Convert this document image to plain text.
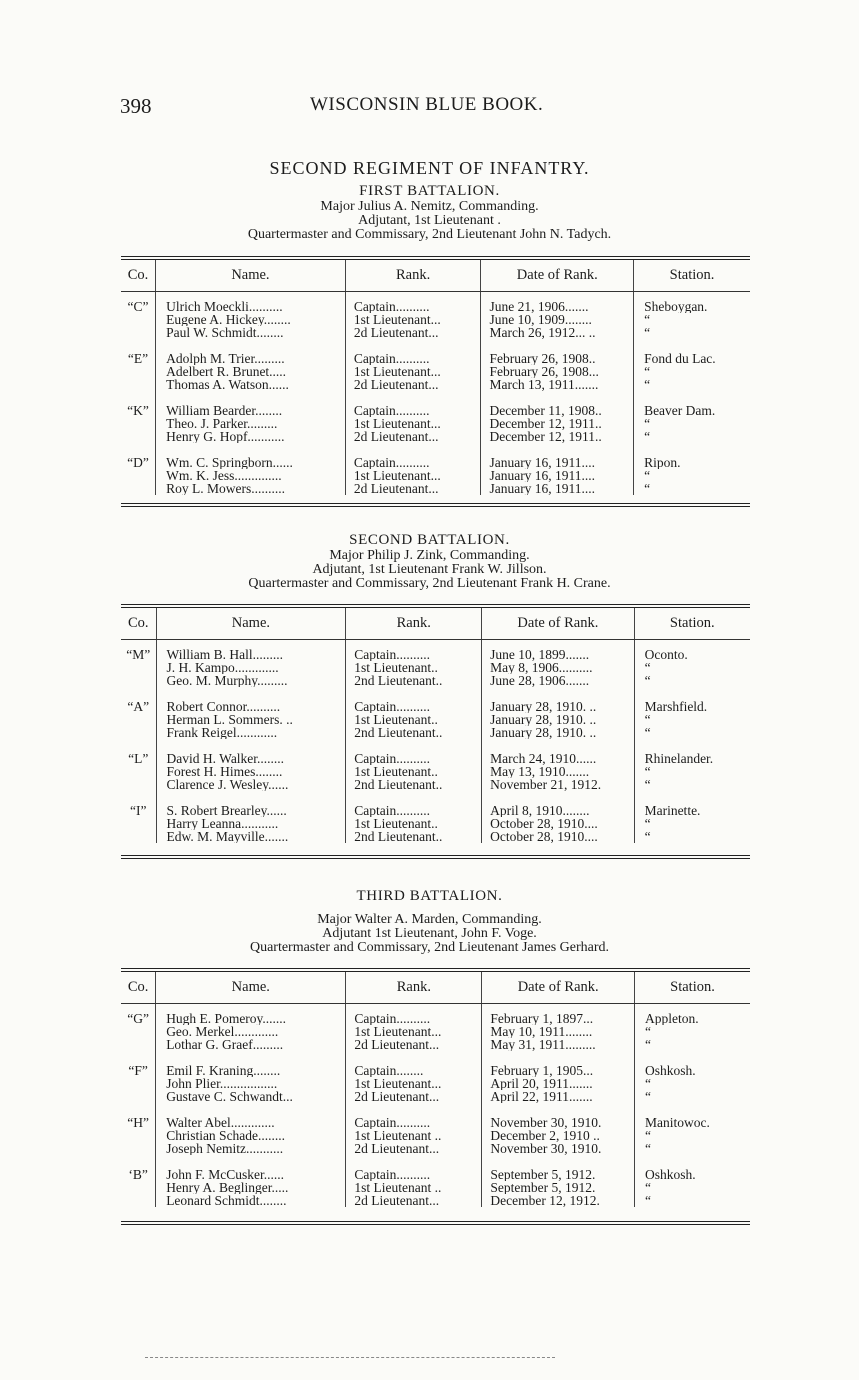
398	WISCONSIN BLUE BOOK.
SECOND REGIMENT OF INFANTRY.
FIRST BATTALION.
Major Julius A. Nemitz, Commanding.
Adjutant, 1st Lieutenant .
Quartermaster and Commissary, 2nd Lieutenant John N. Tadych.
Co.	Name.	Rank.	Date of Rank.	Station.
“C”	Ulrich Moeckli..........	Captain..........	June 21, 1906.......	Sheboygan.
	Eugene A. Hickey........	1st Lieutenant...	June 10, 1909........	“
	Paul W. Schmidt........	2d Lieutenant...	March 26, 1912... ..	“

“E”	Adolph M. Trier.........	Captain..........	February 26, 1908..	Fond du Lac.
	Adelbert R. Brunet.....	1st Lieutenant...	February 26, 1908...	“
	Thomas A. Watson......	2d Lieutenant...	March 13, 1911.......	“

“K”	William Bearder........	Captain..........	December 11, 1908..	Beaver Dam.
	Theo. J. Parker.........	1st Lieutenant...	December 12, 1911..	“
	Henry G. Hopf...........	2d Lieutenant...	December 12, 1911..	“

“D”	Wm. C. Springborn......	Captain..........	January 16, 1911....	Ripon.
	Wm. K. Jess..............	1st Lieutenant...	January 16, 1911....	“
	Roy L. Mowers..........	2d Lieutenant...	January 16, 1911....	“
SECOND BATTALION.
Major Philip J. Zink, Commanding.
Adjutant, 1st Lieutenant Frank W. Jillson.
Quartermaster and Commissary, 2nd Lieutenant Frank H. Crane.
Co.	Name.	Rank.	Date of Rank.	Station.
“M”	William B. Hall.........	Captain..........	June 10, 1899.......	Oconto.
	J. H. Kampo.............	1st Lieutenant..	May 8, 1906..........	“
	Geo. M. Murphy.........	2nd Lieutenant..	June 28, 1906.......	“

“A”	Robert Connor..........	Captain..........	January 28, 1910. ..	Marshfield.
	Herman L. Sommers. ..	1st Lieutenant..	January 28, 1910. ..	“
	Frank Reigel............	2nd Lieutenant..	January 28, 1910. ..	“

“L”	David H. Walker........	Captain..........	March 24, 1910......	Rhinelander.
	Forest H. Himes........	1st Lieutenant..	May 13, 1910.......	“
	Clarence J. Wesley......	2nd Lieutenant..	November 21, 1912.	“

“I”	S. Robert Brearley......	Captain..........	April 8, 1910........	Marinette.
	Harry Leanna...........	1st Lieutenant..	October 28, 1910....	“
	Edw. M. Mayville.......	2nd Lieutenant..	October 28, 1910....	“
THIRD BATTALION.
Major Walter A. Marden, Commanding.
Adjutant 1st Lieutenant, John F. Voge.
Quartermaster and Commissary, 2nd Lieutenant James Gerhard.
Co.	Name.	Rank.	Date of Rank.	Station.
“G”	Hugh E. Pomeroy.......	Captain..........	February 1, 1897...	Appleton.
	Geo. Merkel.............	1st Lieutenant...	May 10, 1911........	“
	Lothar G. Graef.........	2d Lieutenant...	May 31, 1911.........	“

“F”	Emil F. Kraning........	Captain........	February 1, 1905...	Oshkosh.
	John Plier.................	1st Lieutenant...	April 20, 1911.......	“
	Gustave C. Schwandt...	2d Lieutenant...	April 22, 1911.......	“

“H”	Walter Abel.............	Captain..........	November 30, 1910.	Manitowoc.
	Christian Schade........	1st Lieutenant ..	December 2, 1910 ..	“
	Joseph Nemitz...........	2d Lieutenant...	November 30, 1910.	“

‘B”	John F. McCusker......	Captain..........	September 5, 1912.	Oshkosh.
	Henry A. Beglinger.....	1st Lieutenant ..	September 5, 1912.	“
	Leonard Schmidt........	2d Lieutenant...	December 12, 1912.	“
